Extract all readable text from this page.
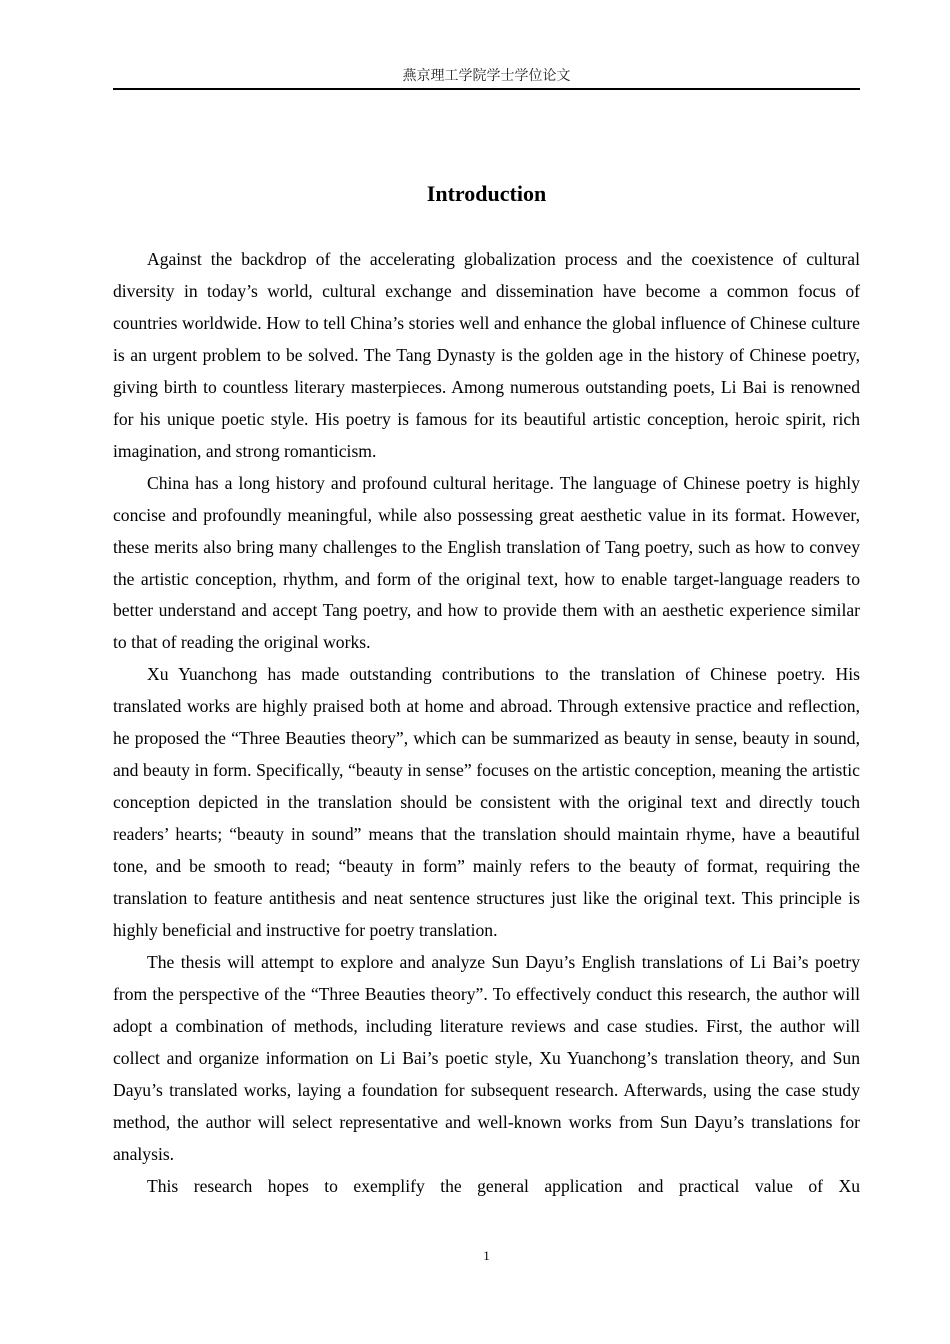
燕京理工学院学士学位论文
Introduction

Against the backdrop of the accelerating globalization process and the coexistence of cultural diversity in today’s world, cultural exchange and dissemination have become a common focus of countries worldwide. How to tell China’s stories well and enhance the global influence of Chinese culture is an urgent problem to be solved. The Tang Dynasty is the golden age in the history of Chinese poetry, giving birth to countless literary masterpieces. Among numerous outstanding poets, Li Bai is renowned for his unique poetic style. His poetry is famous for its beautiful artistic conception, heroic spirit, rich imagination, and strong romanticism.

China has a long history and profound cultural heritage. The language of Chinese poetry is highly concise and profoundly meaningful, while also possessing great aesthetic value in its format. However, these merits also bring many challenges to the English translation of Tang poetry, such as how to convey the artistic conception, rhythm, and form of the original text, how to enable target-language readers to better understand and accept Tang poetry, and how to provide them with an aesthetic experience similar to that of reading the original works.

Xu Yuanchong has made outstanding contributions to the translation of Chinese poetry. His translated works are highly praised both at home and abroad. Through extensive practice and reflection, he proposed the “Three Beauties theory”, which can be summarized as beauty in sense, beauty in sound, and beauty in form. Specifically, “beauty in sense” focuses on the artistic conception, meaning the artistic conception depicted in the translation should be consistent with the original text and directly touch readers’ hearts; “beauty in sound” means that the translation should maintain rhyme, have a beautiful tone, and be smooth to read; “beauty in form” mainly refers to the beauty of format, requiring the translation to feature antithesis and neat sentence structures just like the original text. This principle is highly beneficial and instructive for poetry translation.

The thesis will attempt to explore and analyze Sun Dayu’s English translations of Li Bai’s poetry from the perspective of the “Three Beauties theory”. To effectively conduct this research, the author will adopt a combination of methods, including literature reviews and case studies. First, the author will collect and organize information on Li Bai’s poetic style, Xu Yuanchong’s translation theory, and Sun Dayu’s translated works, laying a foundation for subsequent research. Afterwards, using the case study method, the author will select representative and well-known works from Sun Dayu’s translations for analysis.

This research hopes to exemplify the general application and practical value of Xu

1
